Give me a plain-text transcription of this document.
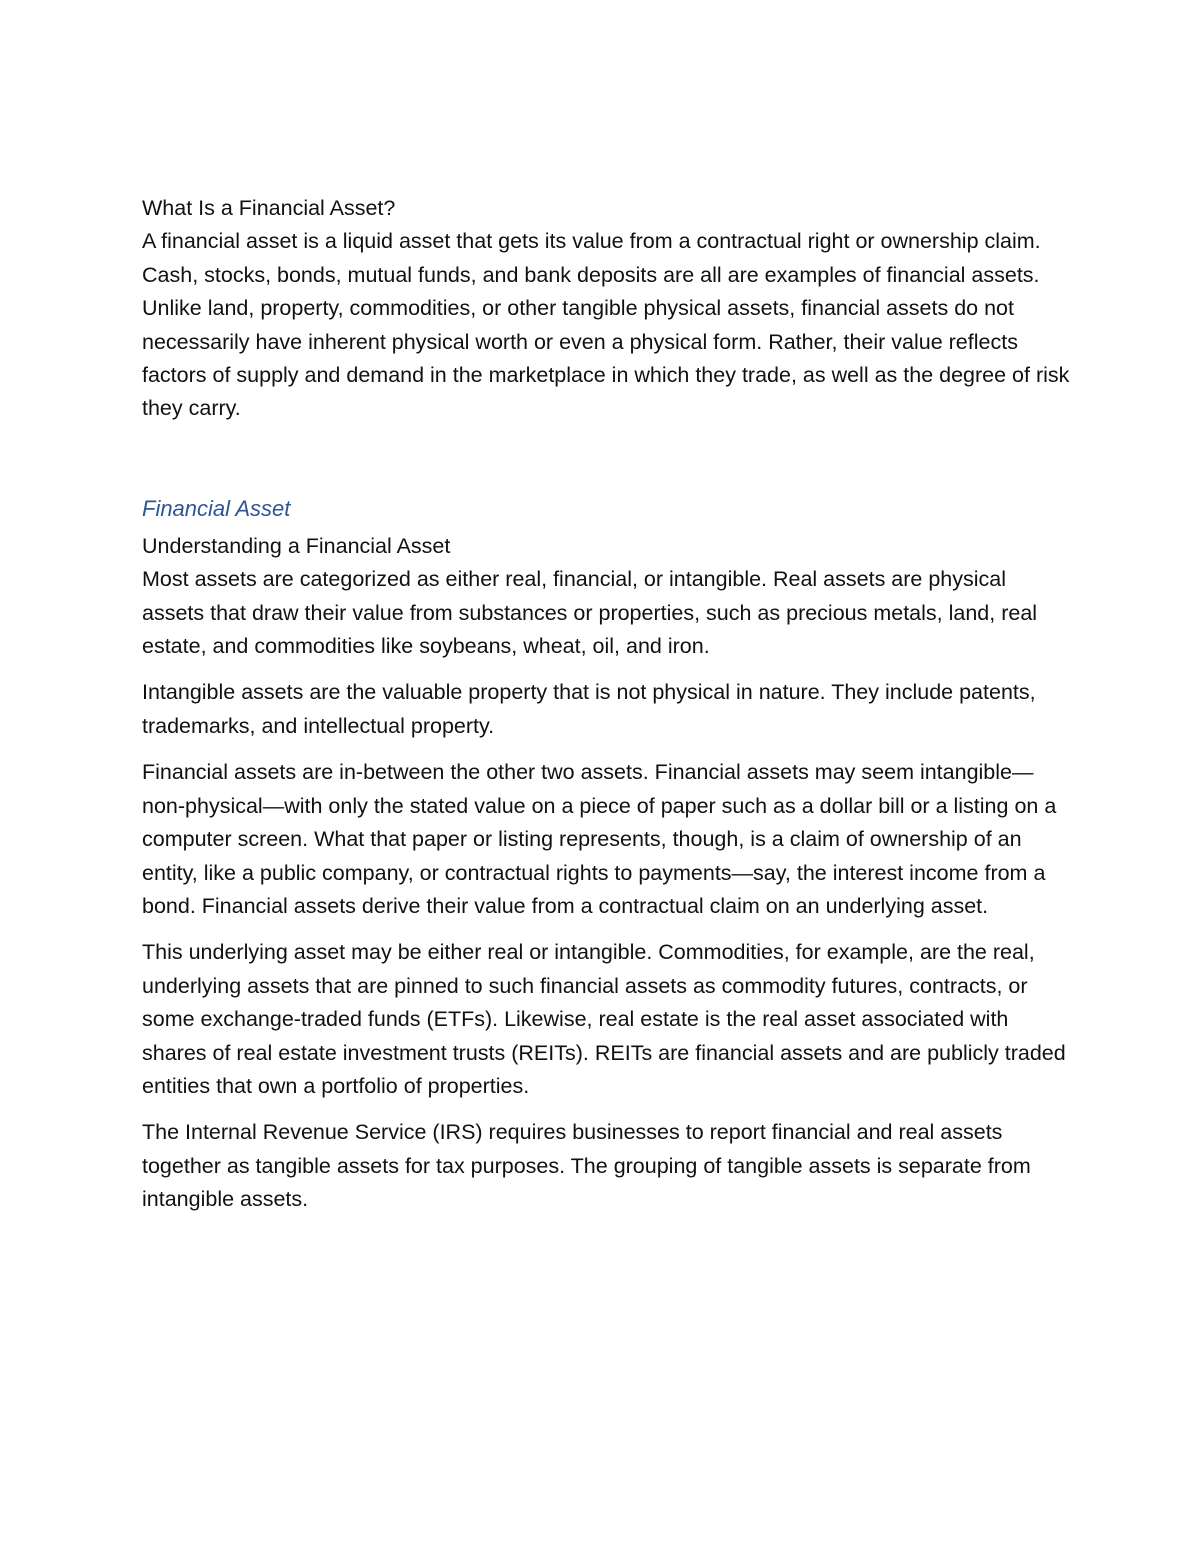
What Is a Financial Asset?

A financial asset is a liquid asset that gets its value from a contractual right or ownership claim. Cash, stocks, bonds, mutual funds, and bank deposits are all are examples of financial assets. Unlike land, property, commodities, or other tangible physical assets, financial assets do not necessarily have inherent physical worth or even a physical form. Rather, their value reflects factors of supply and demand in the marketplace in which they trade, as well as the degree of risk they carry.

Financial Asset

Understanding a Financial Asset

Most assets are categorized as either real, financial, or intangible. Real assets are physical assets that draw their value from substances or properties, such as precious metals, land, real estate, and commodities like soybeans, wheat, oil, and iron.

Intangible assets are the valuable property that is not physical in nature. They include patents, trademarks, and intellectual property.

Financial assets are in-between the other two assets. Financial assets may seem intangible—non-physical—with only the stated value on a piece of paper such as a dollar bill or a listing on a computer screen. What that paper or listing represents, though, is a claim of ownership of an entity, like a public company, or contractual rights to payments—say, the interest income from a bond. Financial assets derive their value from a contractual claim on an underlying asset.

This underlying asset may be either real or intangible. Commodities, for example, are the real, underlying assets that are pinned to such financial assets as commodity futures, contracts, or some exchange-traded funds (ETFs). Likewise, real estate is the real asset associated with shares of real estate investment trusts (REITs). REITs are financial assets and are publicly traded entities that own a portfolio of properties.

The Internal Revenue Service (IRS) requires businesses to report financial and real assets together as tangible assets for tax purposes. The grouping of tangible assets is separate from intangible assets.
